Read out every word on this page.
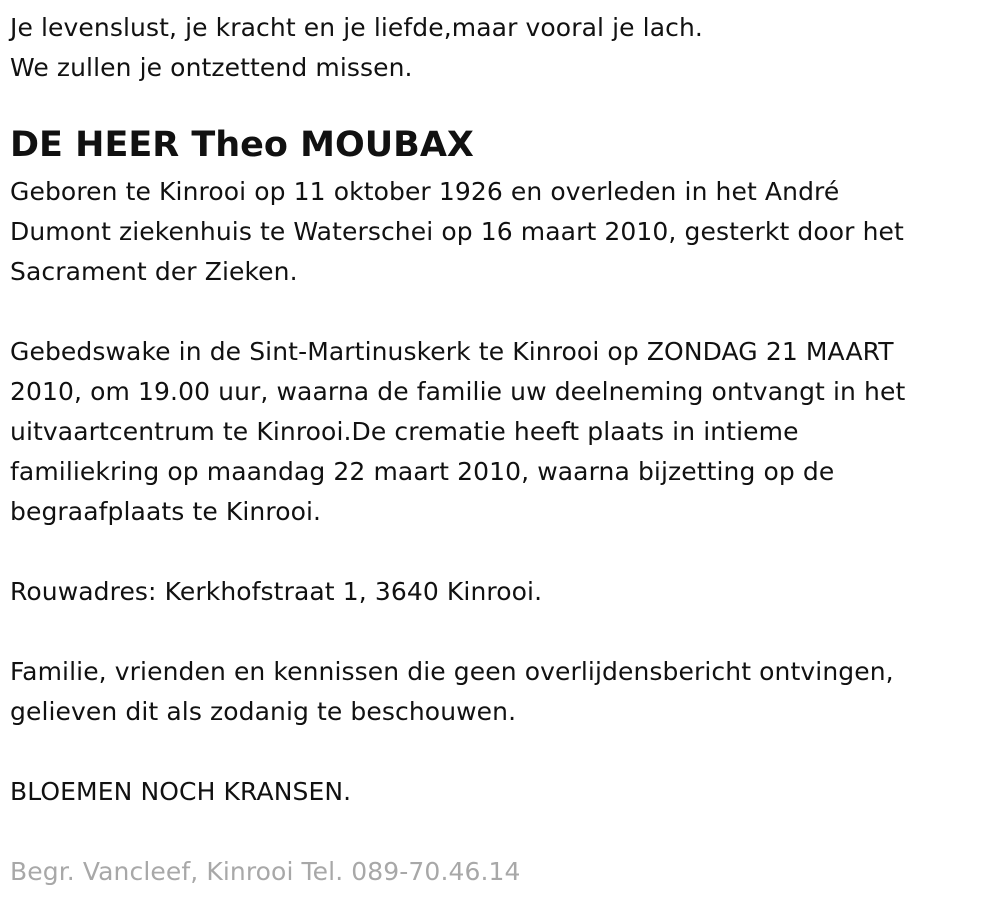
Je levenslust, je kracht en je liefde,maar vooral je lach.
We zullen je ontzettend missen.
DE HEER Theo MOUBAX
Geboren te Kinrooi op 11 oktober 1926 en overleden in het André
Dumont ziekenhuis te Waterschei op 16 maart 2010, gesterkt door het
Sacrament der Zieken.
Gebedswake in de Sint-Martinuskerk te Kinrooi op ZONDAG 21 MAART
2010, om 19.00 uur, waarna de familie uw deelneming ontvangt in het
uitvaartcentrum te Kinrooi.De crematie heeft plaats in intieme
familiekring op maandag 22 maart 2010, waarna bijzetting op de
begraafplaats te Kinrooi.
Rouwadres: Kerkhofstraat 1, 3640 Kinrooi.
Familie, vrienden en kennissen die geen overlijdensbericht ontvingen,
gelieven dit als zodanig te beschouwen.
BLOEMEN NOCH KRANSEN.
Begr. Vancleef, Kinrooi Tel. 089-70.46.14
